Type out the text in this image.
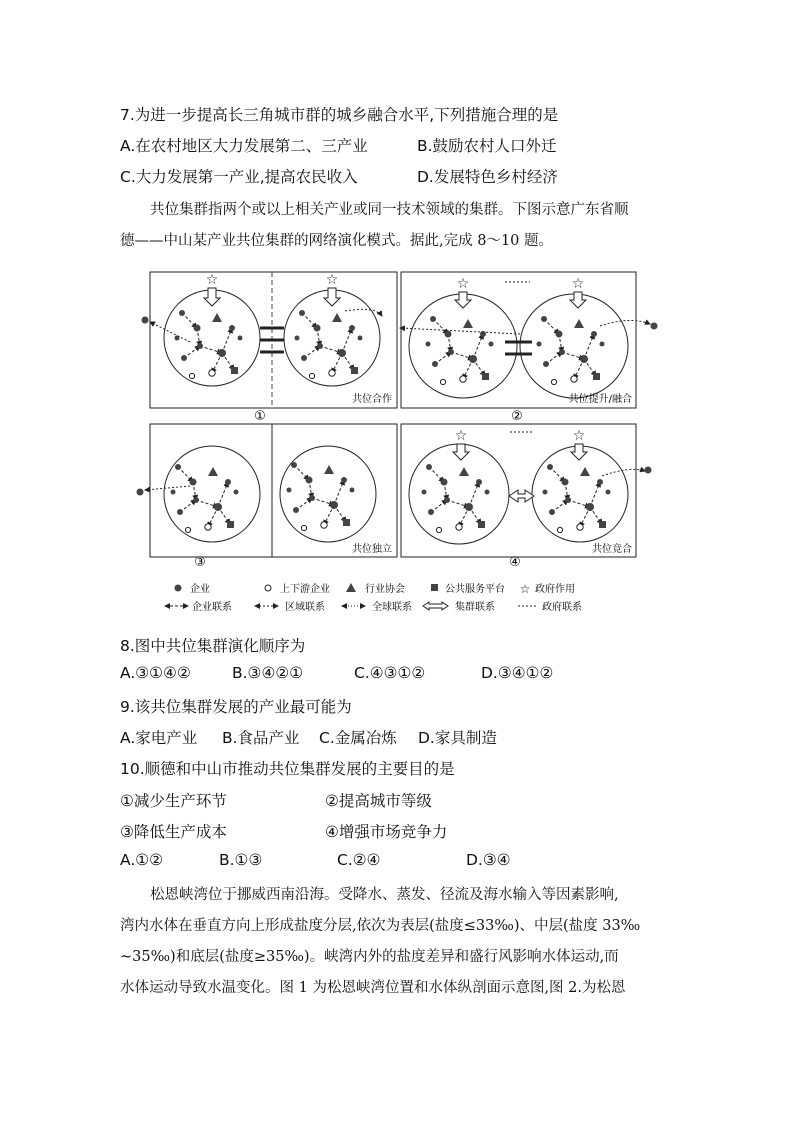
7.为进一步提高长三角城市群的城乡融合水平,下列措施合理的是
A.在农村地区大力发展第二、三产业	B.鼓励农村人口外迁
C.大力发展第一产业,提高农民收入	D.发展特色乡村经济
共位集群指两个或以上相关产业或同一技术领域的集群。下图示意广东省顺
德——中山某产业共位集群的网络演化模式。据此,完成 8～10 题。
☆	☆
①
共位合作
☆	☆
②
共位提升/融合
③
共位独立
☆	☆
④
共位竞合
企业	上下游企业	行业协会	公共服务平台 ☆ 政府作用
企业联系	区域联系	全球联系	集群联系	政府联系
8.图中共位集群演化顺序为
A.③①④②	B.③④②①	C.④③①②	D.③④①②
9.该共位集群发展的产业最可能为
A.家电产业 B.食品产业 C.金属冶炼 D.家具制造
10.顺德和中山市推动共位集群发展的主要目的是
①减少生产环节	②提高城市等级
③降低生产成本	④增强市场竞争力
A.①②	B.①③	C.②④	D.③④
松恩峡湾位于挪威西南沿海。受降水、蒸发、径流及海水输入等因素影响,
湾内水体在垂直方向上形成盐度分层,依次为表层(盐度≤33‰)、中层(盐度 33‰
~35‰)和底层(盐度≥35‰)。峡湾内外的盐度差异和盛行风影响水体运动,而
水体运动导致水温变化。图 1 为松恩峡湾位置和水体纵剖面示意图,图 2.为松恩
